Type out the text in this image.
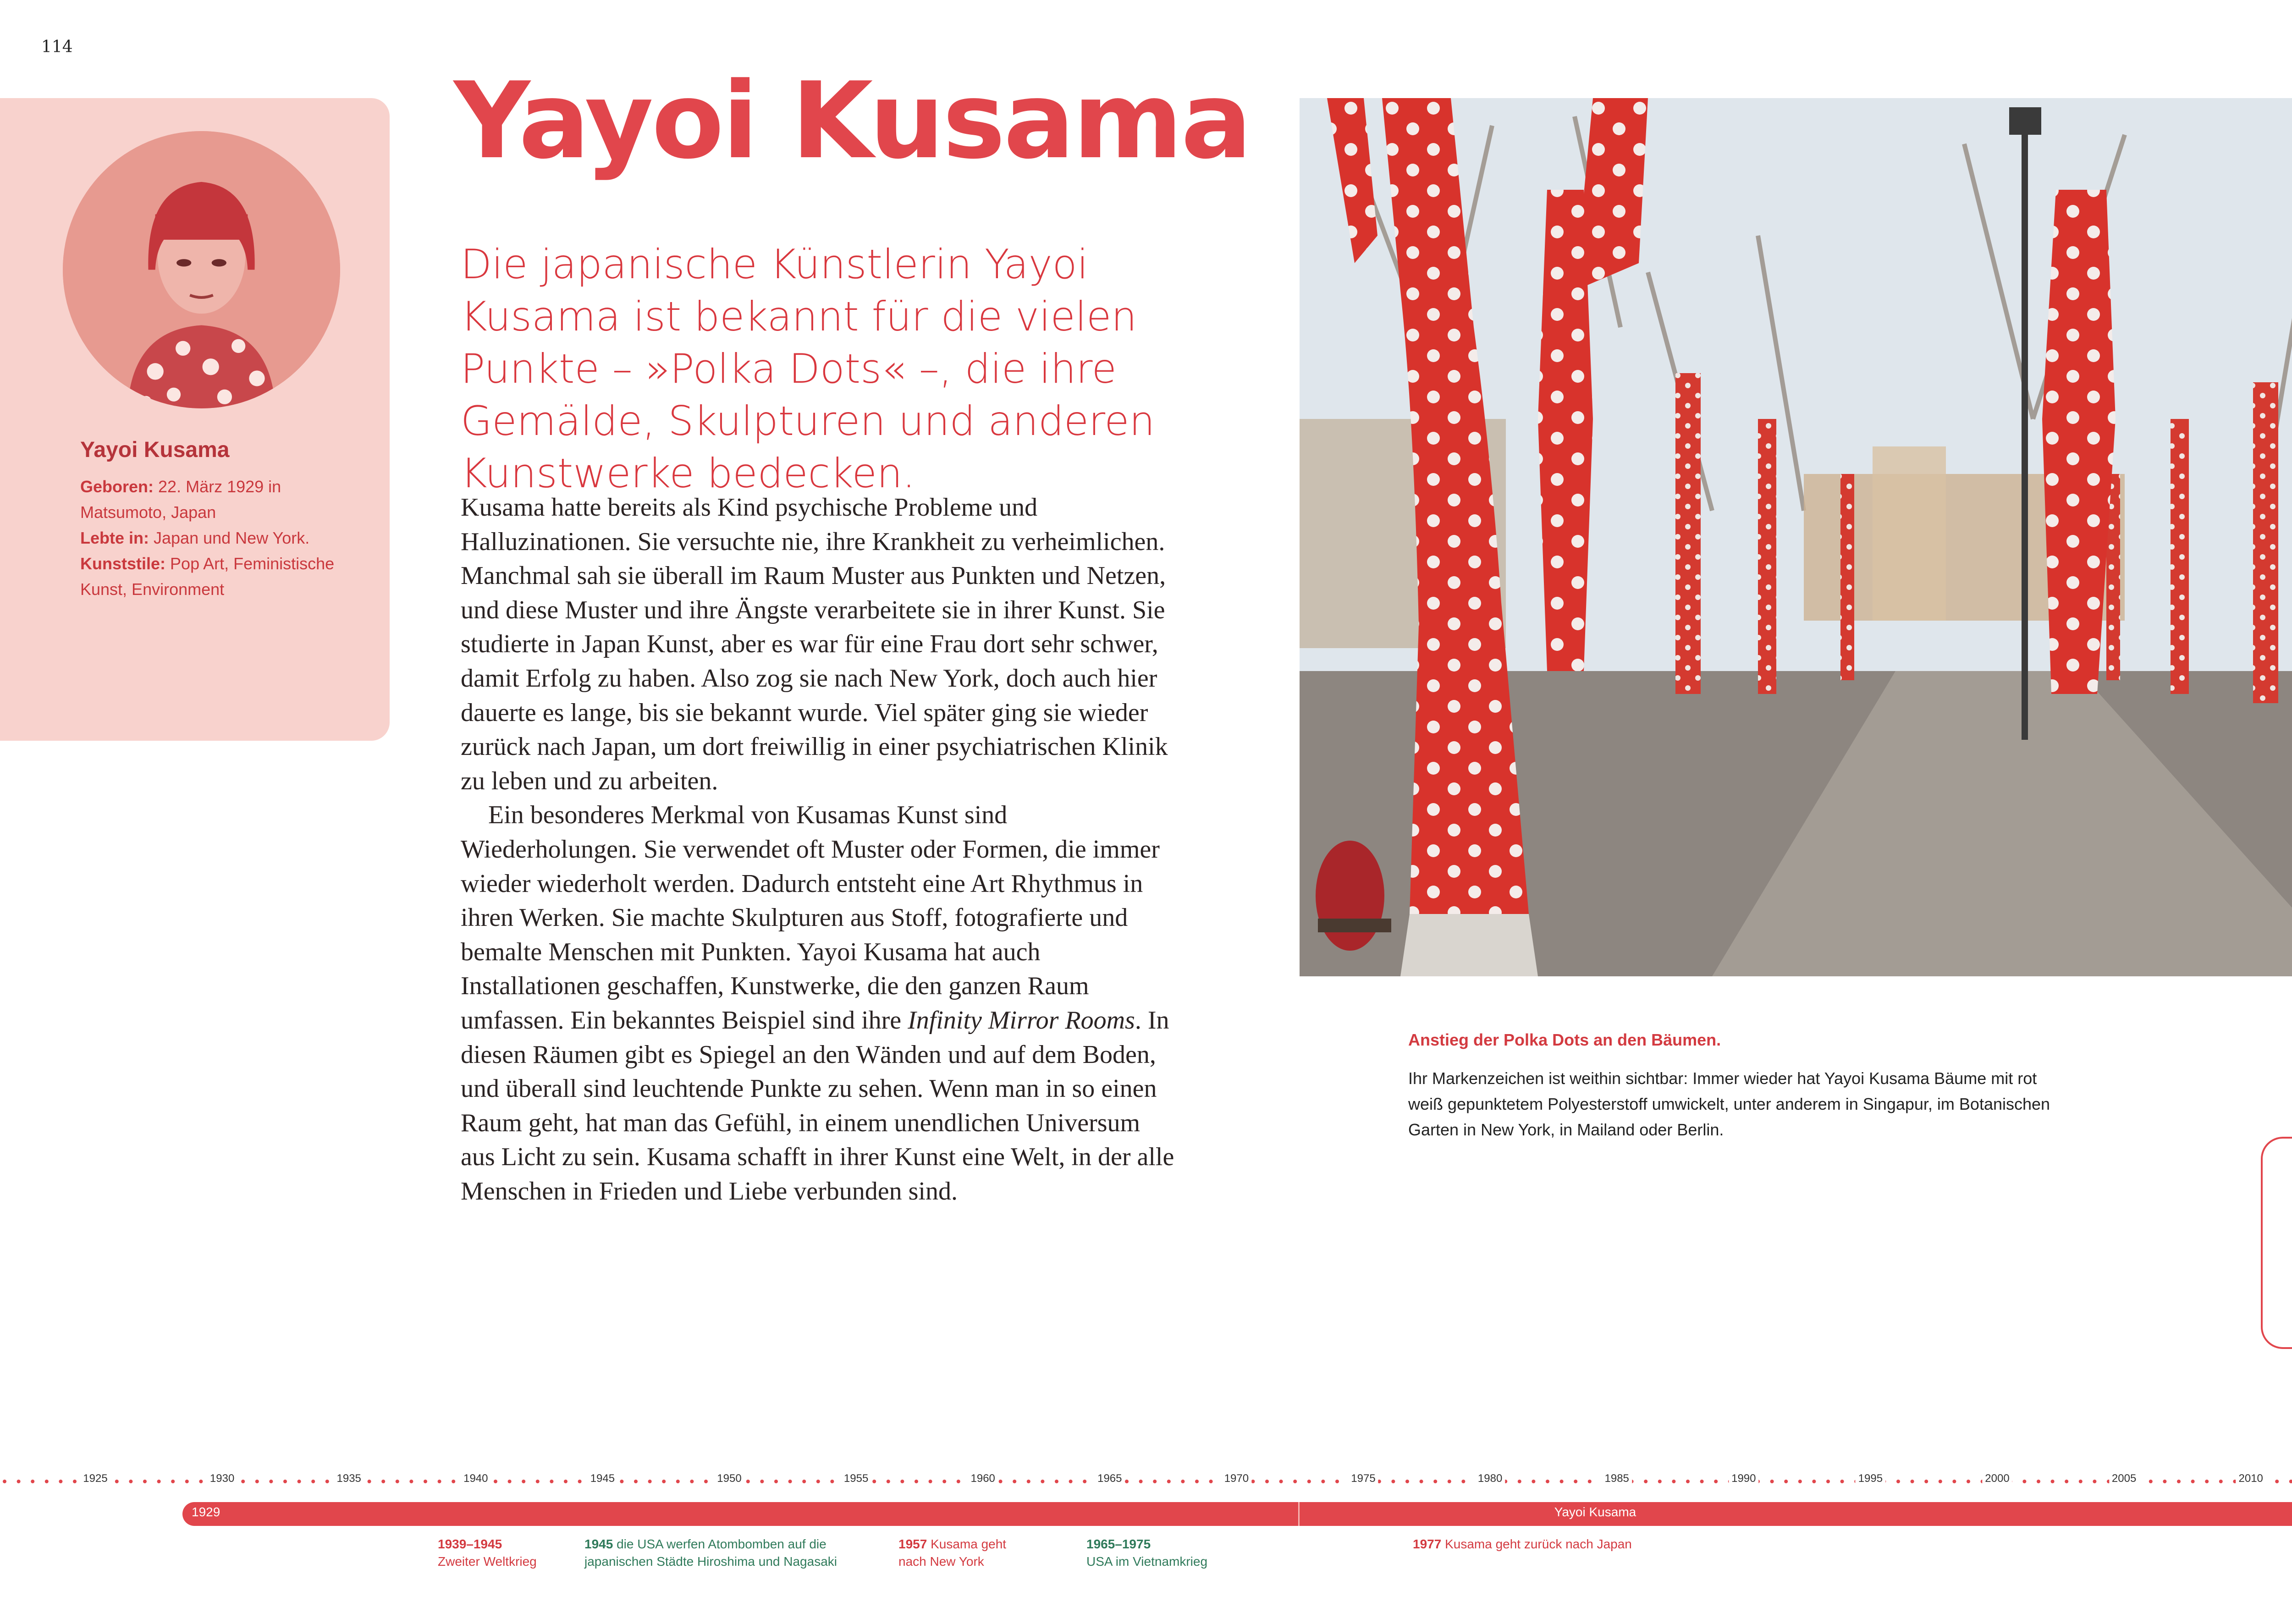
114
Yayoi Kusama
Geboren: 22. März 1929 in Matsumoto, Japan
Lebte in: Japan und New York.
Kunststile: Pop Art, Feministische Kunst, Environment
Yayoi Kusama
Die japanische Künstlerin Yayoi Kusama ist bekannt für die vielen Punkte – »Polka Dots« –, die ihre Gemälde, Skulpturen und anderen Kunstwerke bedecken.

Kusama hatte bereits als Kind psychische Probleme und Halluzinationen. Sie versuchte nie, ihre Krankheit zu verheimlichen. Manchmal sah sie überall im Raum Muster aus Punkten und Netzen, und diese Muster und ihre Ängste verarbeitete sie in ihrer Kunst. Sie studierte in Japan Kunst, aber es war für eine Frau dort sehr schwer, damit Erfolg zu haben. Also zog sie nach New York, doch auch hier dauerte es lange, bis sie bekannt wurde. Viel später ging sie wieder zurück nach Japan, um dort freiwillig in einer psychiatrischen Klinik zu leben und zu arbeiten.

Ein besonderes Merkmal von Kusamas Kunst sind Wiederholungen. Sie verwendet oft Muster oder Formen, die immer wieder wiederholt werden. Dadurch entsteht eine Art Rhythmus in ihren Werken. Sie machte Skulpturen aus Stoff, fotografierte und bemalte Menschen mit Punkten. Yayoi Kusama hat auch Installationen geschaffen, Kunstwerke, die den ganzen Raum umfassen. Ein bekanntes Beispiel sind ihre Infinity Mirror Rooms. In diesen Räumen gibt es Spiegel an den Wänden und auf dem Boden, und überall sind leuchtende Punkte zu sehen. Wenn man in so einen Raum geht, hat man das Gefühl, in einem unendlichen Universum aus Licht zu sein. Kusama schafft in ihrer Kunst eine Welt, in der alle Menschen in Frieden und Liebe verbunden sind.

Anstieg der Polka Dots an den Bäumen.
Ihr Markenzeichen ist weithin sichtbar: Immer wieder hat Yayoi Kusama Bäume mit rot weiß gepunktetem Polyesterstoff umwickelt, unter anderem in Singapur, im Botanischen Garten in New York, in Mailand oder Berlin.
1925	1930	1935	1940	1945	1950	1955	1960	1965	1970	1975	1980	1985	1990	1995	2000	2005	2010
1929	Yayoi Kusama
1939–1945
Zweiter Weltkrieg
1945 die USA werfen Atombomben auf die japanischen Städte Hiroshima und Nagasaki
1957 Kusama geht nach New York
1965–1975
USA im Vietnamkrieg
1977 Kusama geht zurück nach Japan
